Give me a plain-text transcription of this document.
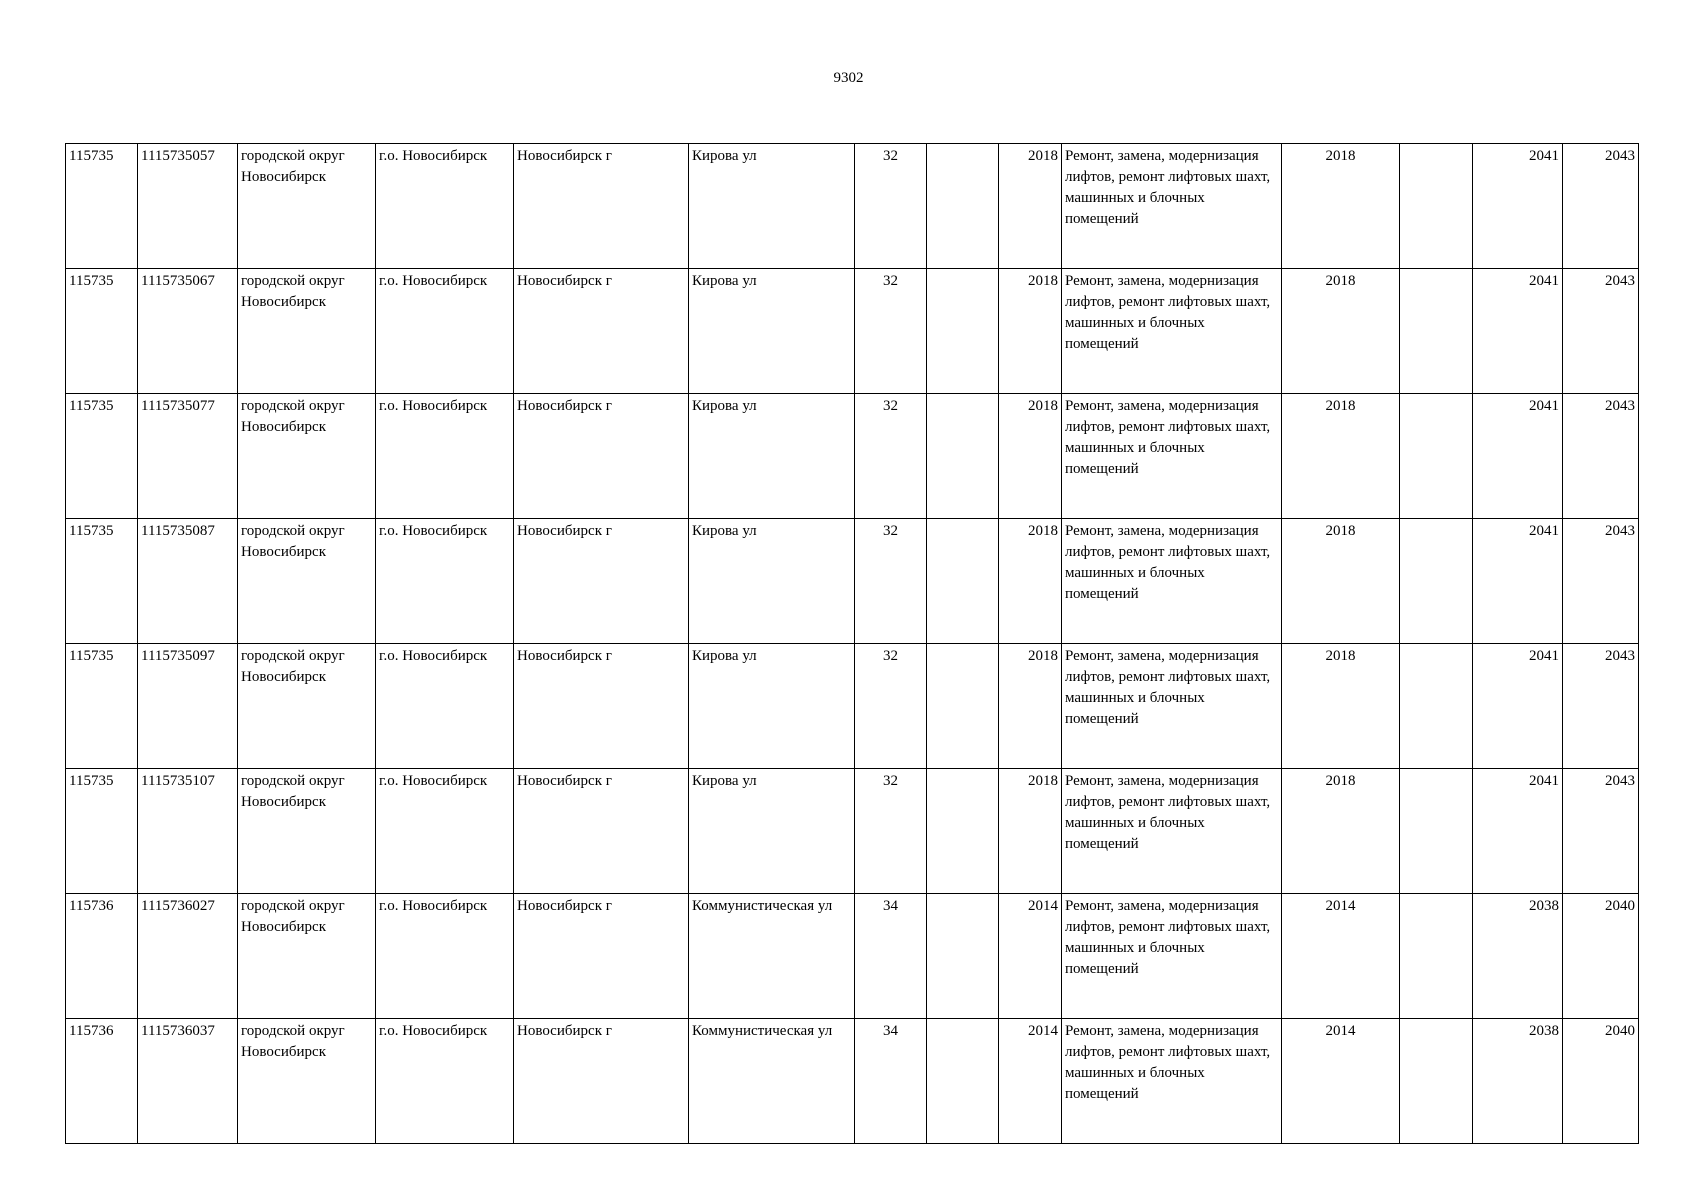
9302
115735	1115735057	городской округ Новосибирск	г.о. Новосибирск	Новосибирск г	Кирова ул	32		2018	Ремонт, замена, модернизация лифтов, ремонт лифтовых шахт, машинных и блочных помещений	2018		2041	2043
115735	1115735067	городской округ Новосибирск	г.о. Новосибирск	Новосибирск г	Кирова ул	32		2018	Ремонт, замена, модернизация лифтов, ремонт лифтовых шахт, машинных и блочных помещений	2018		2041	2043
115735	1115735077	городской округ Новосибирск	г.о. Новосибирск	Новосибирск г	Кирова ул	32		2018	Ремонт, замена, модернизация лифтов, ремонт лифтовых шахт, машинных и блочных помещений	2018		2041	2043
115735	1115735087	городской округ Новосибирск	г.о. Новосибирск	Новосибирск г	Кирова ул	32		2018	Ремонт, замена, модернизация лифтов, ремонт лифтовых шахт, машинных и блочных помещений	2018		2041	2043
115735	1115735097	городской округ Новосибирск	г.о. Новосибирск	Новосибирск г	Кирова ул	32		2018	Ремонт, замена, модернизация лифтов, ремонт лифтовых шахт, машинных и блочных помещений	2018		2041	2043
115735	1115735107	городской округ Новосибирск	г.о. Новосибирск	Новосибирск г	Кирова ул	32		2018	Ремонт, замена, модернизация лифтов, ремонт лифтовых шахт, машинных и блочных помещений	2018		2041	2043
115736	1115736027	городской округ Новосибирск	г.о. Новосибирск	Новосибирск г	Коммунистическая ул	34		2014	Ремонт, замена, модернизация лифтов, ремонт лифтовых шахт, машинных и блочных помещений	2014		2038	2040
115736	1115736037	городской округ Новосибирск	г.о. Новосибирск	Новосибирск г	Коммунистическая ул	34		2014	Ремонт, замена, модернизация лифтов, ремонт лифтовых шахт, машинных и блочных помещений	2014		2038	2040
